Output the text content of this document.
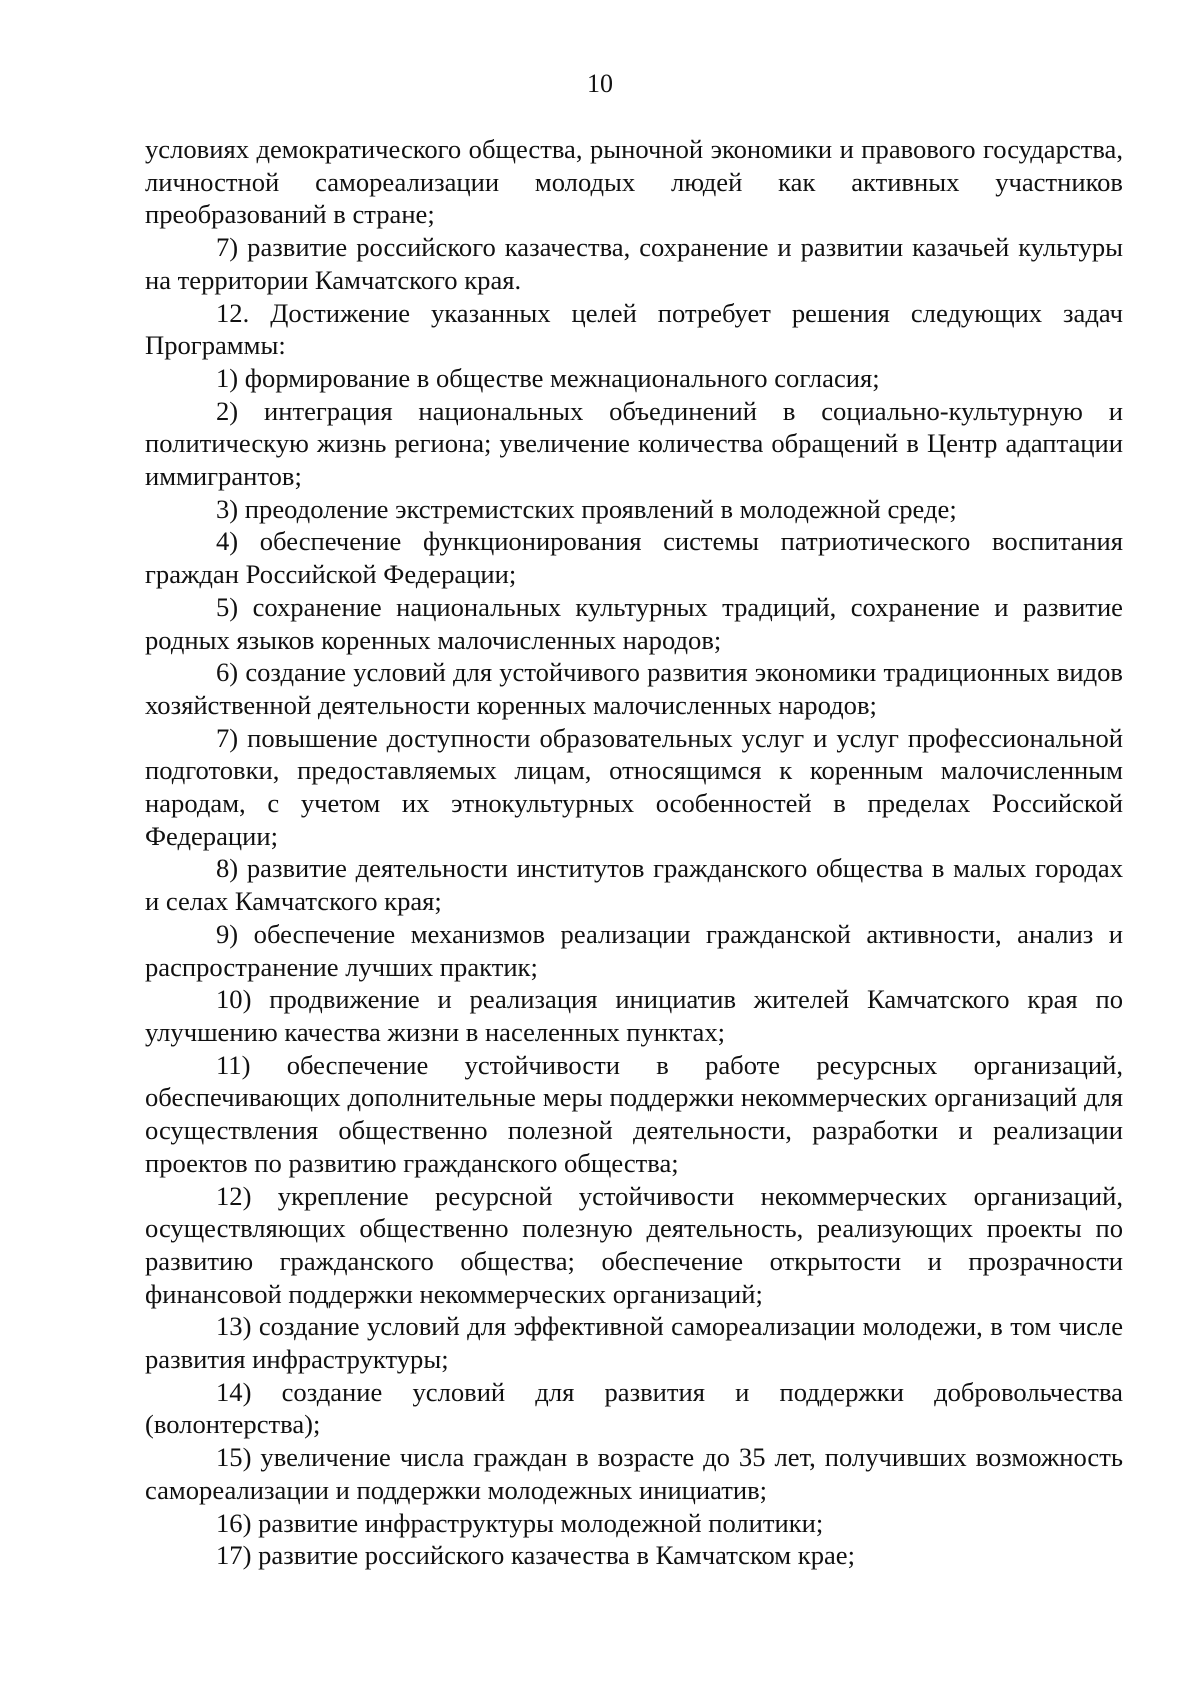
10

условиях демократического общества, рыночной экономики и правового государства, личностной самореализации молодых людей как активных участников преобразований в стране;

7) развитие российского казачества, сохранение и развитии казачьей культуры на территории Камчатского края.

12. Достижение указанных целей потребует решения следующих задач Программы:

1) формирование в обществе межнационального согласия;

2) интеграция национальных объединений в социально-культурную и политическую жизнь региона; увеличение количества обращений в Центр адаптации иммигрантов;

3) преодоление экстремистских проявлений в молодежной среде;

4) обеспечение функционирования системы патриотического воспитания граждан Российской Федерации;

5) сохранение национальных культурных традиций, сохранение и развитие родных языков коренных малочисленных народов;

6) создание условий для устойчивого развития экономики традиционных видов хозяйственной деятельности коренных малочисленных народов;

7) повышение доступности образовательных услуг и услуг профессиональной подготовки, предоставляемых лицам, относящимся к коренным малочисленным народам, с учетом их этнокультурных особенностей в пределах Российской Федерации;

8) развитие деятельности институтов гражданского общества в малых городах и селах Камчатского края;

9) обеспечение механизмов реализации гражданской активности, анализ и распространение лучших практик;

10) продвижение и реализация инициатив жителей Камчатского края по улучшению качества жизни в населенных пунктах;

11) обеспечение устойчивости в работе ресурсных организаций, обеспечивающих дополнительные меры поддержки некоммерческих организаций для осуществления общественно полезной деятельности, разработки и реализации проектов по развитию гражданского общества;

12) укрепление ресурсной устойчивости некоммерческих организаций, осуществляющих общественно полезную деятельность, реализующих проекты по развитию гражданского общества; обеспечение открытости и прозрачности финансовой поддержки некоммерческих организаций;

13) создание условий для эффективной самореализации молодежи, в том числе развития инфраструктуры;

14) создание условий для развития и поддержки добровольчества (волонтерства);

15) увеличение числа граждан в возрасте до 35 лет, получивших возможность самореализации и поддержки молодежных инициатив;

16) развитие инфраструктуры молодежной политики;

17) развитие российского казачества в Камчатском крае;
